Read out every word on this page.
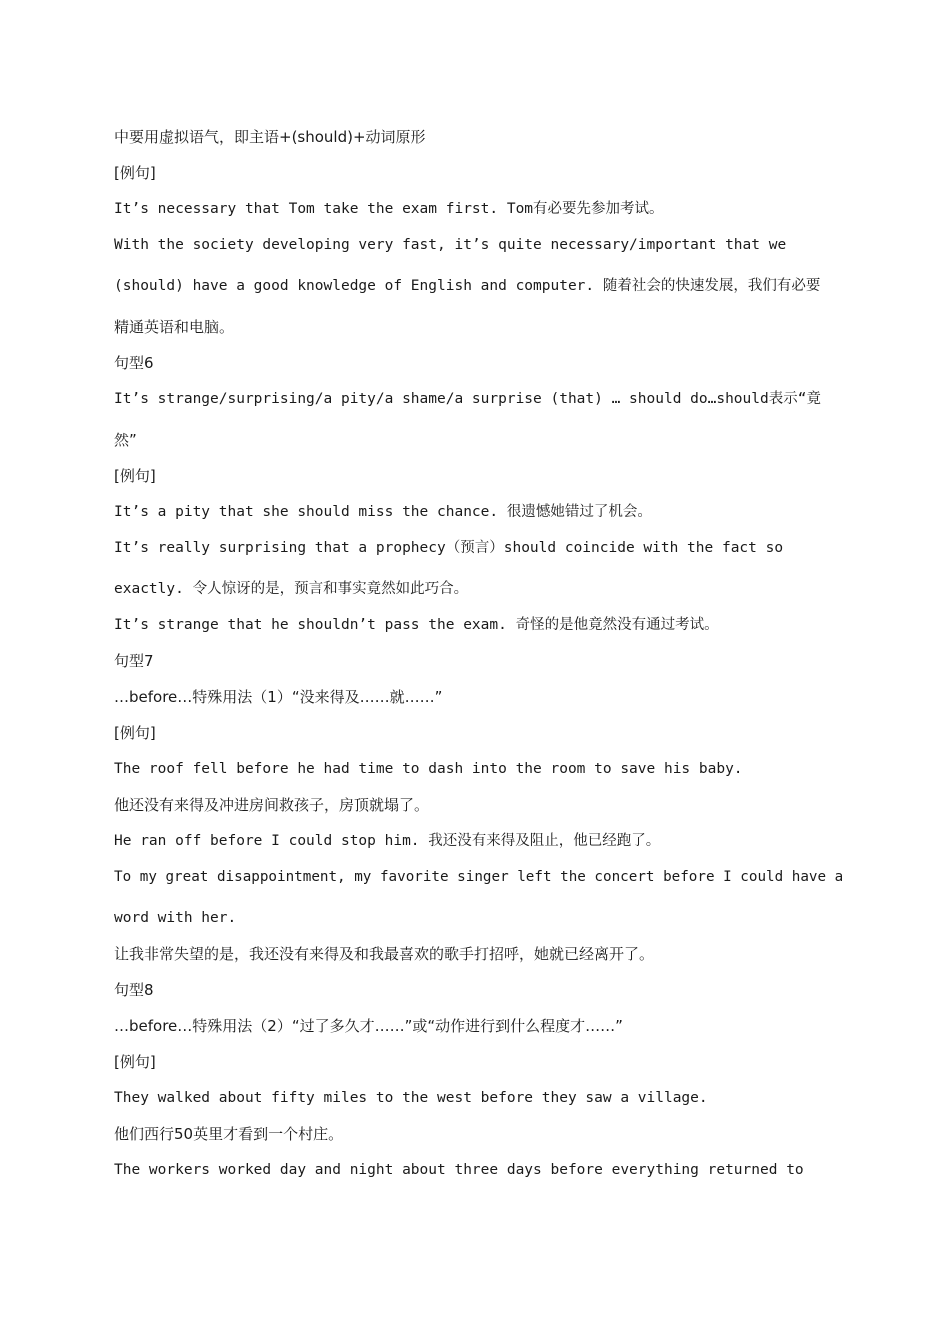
中要用虚拟语气，即主语+(should)+动词原形
[例句]
It’s necessary that Tom take the exam first. Tom有必要先参加考试。
With the society developing very fast, it’s quite necessary/important that we
(should) have a good knowledge of English and computer. 随着社会的快速发展，我们有必要
精通英语和电脑。
句型6
It’s strange/surprising/a pity/a shame/a surprise (that) … should do…should表示“竟
然”
[例句]
It’s a pity that she should miss the chance. 很遗憾她错过了机会。
It’s really surprising that a prophecy（预言）should coincide with the fact so
exactly. 令人惊讶的是，预言和事实竟然如此巧合。
It’s strange that he shouldn’t pass the exam. 奇怪的是他竟然没有通过考试。
句型7
…before…特殊用法（1）“没来得及……就……”
[例句]
The roof fell before he had time to dash into the room to save his baby.
他还没有来得及冲进房间救孩子，房顶就塌了。
He ran off before I could stop him. 我还没有来得及阻止，他已经跑了。
To my great disappointment, my favorite singer left the concert before I could have a
word with her.
让我非常失望的是，我还没有来得及和我最喜欢的歌手打招呼，她就已经离开了。
句型8
…before…特殊用法（2）“过了多久才……”或“动作进行到什么程度才……”
[例句]
They walked about fifty miles to the west before they saw a village.
他们西行50英里才看到一个村庄。
The workers worked day and night about three days before everything returned to
